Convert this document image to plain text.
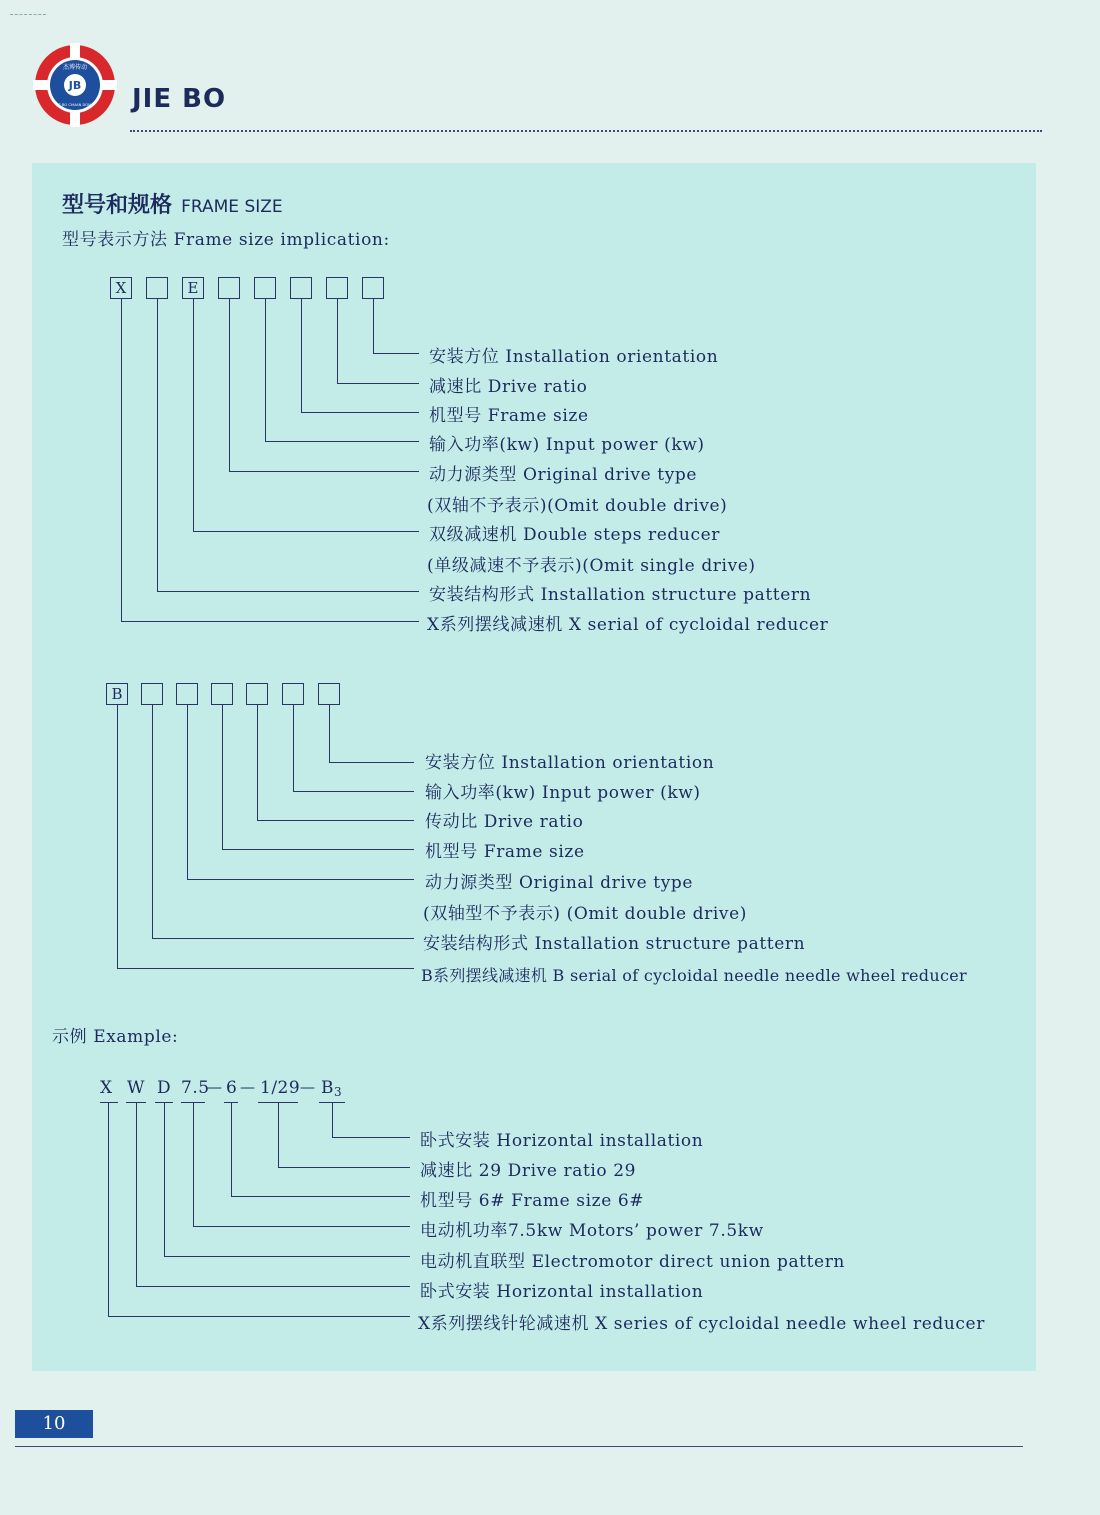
JB
杰博传动
JIE BO CHUAN DONG JIE BO
型号和规格 FRAME SIZE
型号表示方法 Frame size implication:
X	E
安装方位 Installation orientation
减速比 Drive ratio
机型号 Frame size
输入功率(kw) Input power (kw)
动力源类型 Original drive type
(双轴不予表示)(Omit double drive)
双级减速机 Double steps reducer
(单级减速不予表示)(Omit single drive)
安装结构形式 Installation structure pattern
X系列摆线减速机 X serial of cycloidal reducer
B
安装方位 Installation orientation
输入功率(kw) Input power (kw)
传动比 Drive ratio
机型号 Frame size
动力源类型 Original drive type
(双轴型不予表示) (Omit double drive)
安装结构形式 Installation structure pattern
B系列摆线减速机 B serial of cycloidal needle needle wheel reducer
示例 Example:
X W D 7.5
— 6 — 1/29 — B 3
卧式安装 Horizontal installation
减速比 29 Drive ratio 29
机型号 6# Frame size 6#
电动机功率7.5kw Motors’ power 7.5kw
电动机直联型 Electromotor direct union pattern
卧式安装 Horizontal installation
X系列摆线针轮减速机 X series of cycloidal needle wheel reducer
10
